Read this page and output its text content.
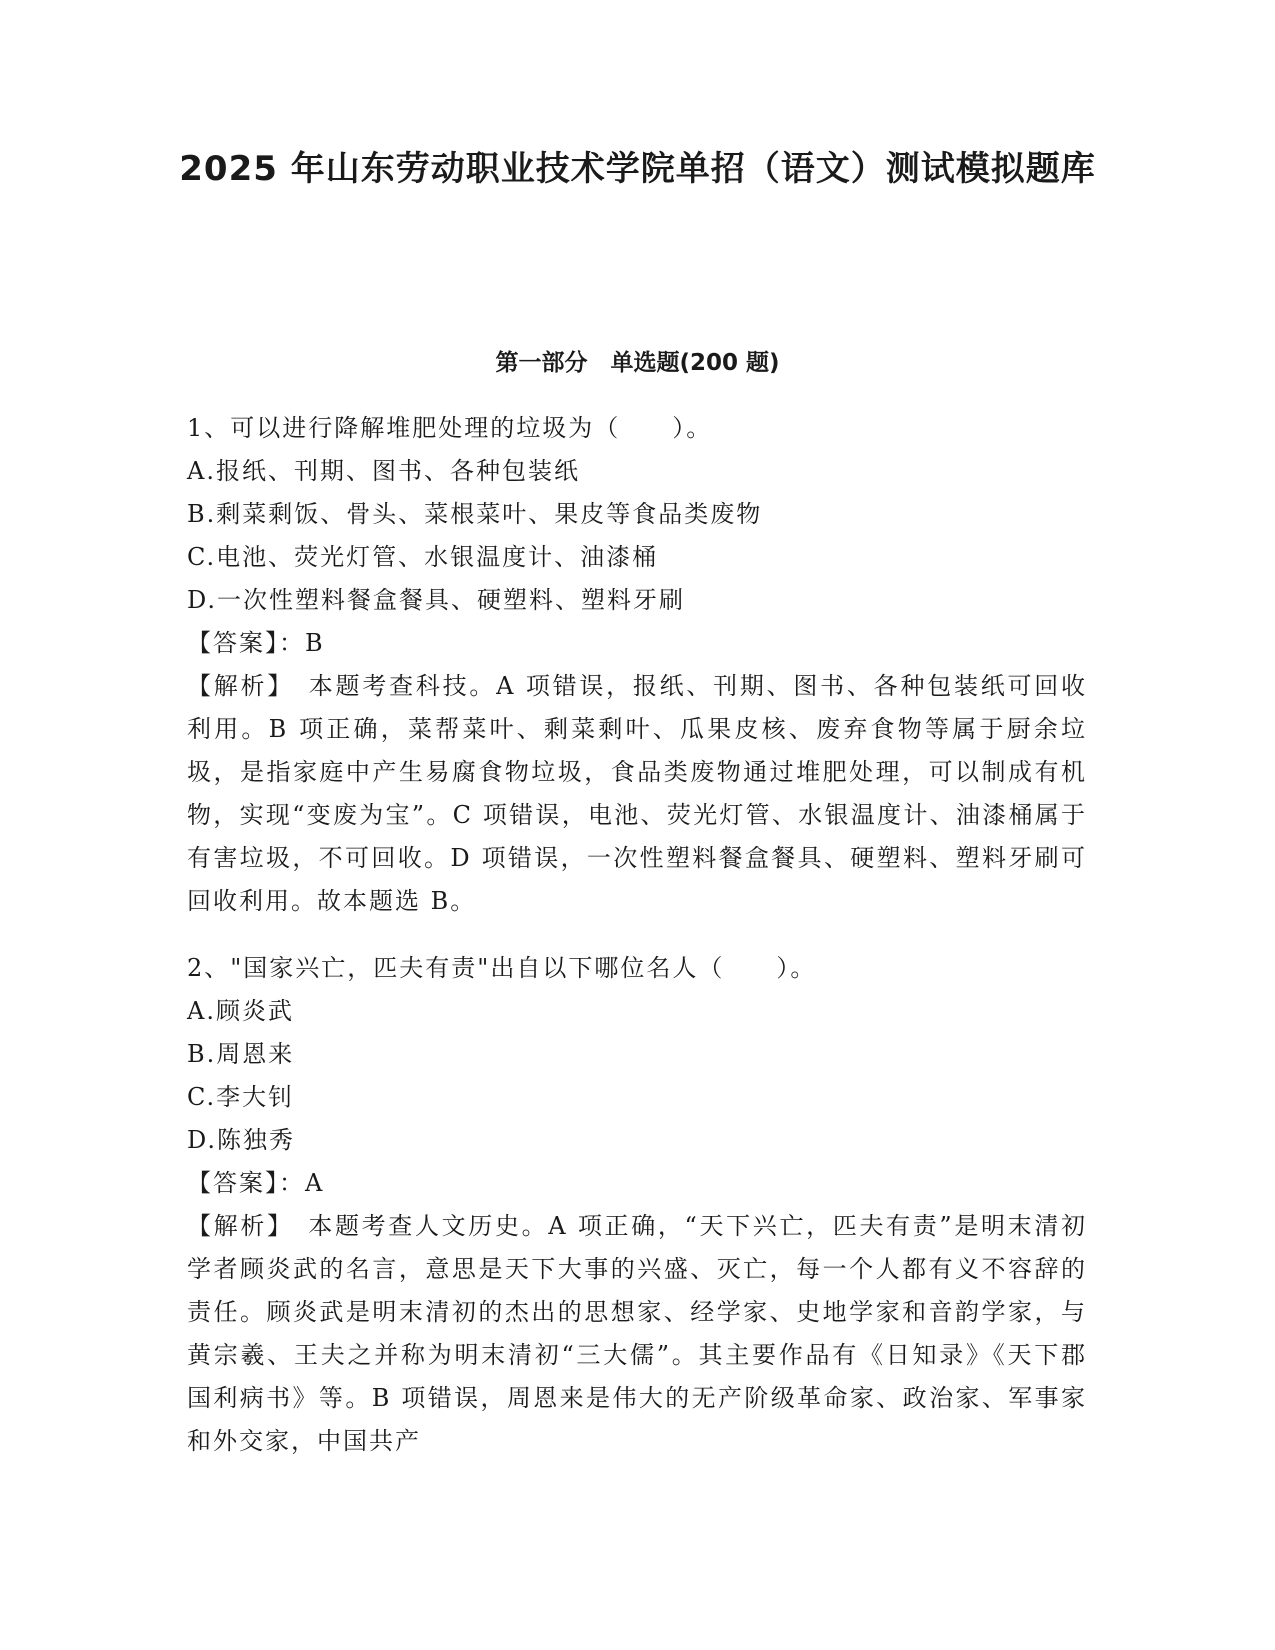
2025 年山东劳动职业技术学院单招（语文）测试模拟题库
第一部分　单选题(200 题)
1、可以进行降解堆肥处理的垃圾为（　　）。
A.报纸、刊期、图书、各种包装纸
B.剩菜剩饭、骨头、菜根菜叶、果皮等食品类废物
C.电池、荧光灯管、水银温度计、油漆桶
D.一次性塑料餐盒餐具、硬塑料、塑料牙刷
【答案】：B
【解析】　本题考查科技。A 项错误，报纸、刊期、图书、各种包装纸可回收利用。B 项正确，菜帮菜叶、剩菜剩叶、瓜果皮核、废弃食物等属于厨余垃圾，是指家庭中产生易腐食物垃圾，食品类废物通过堆肥处理，可以制成有机物，实现“变废为宝”。C 项错误，电池、荧光灯管、水银温度计、油漆桶属于有害垃圾，不可回收。D 项错误，一次性塑料餐盒餐具、硬塑料、塑料牙刷可回收利用。故本题选 B。
2、"国家兴亡，匹夫有责"出自以下哪位名人（　　）。
A.顾炎武
B.周恩来
C.李大钊
D.陈独秀
【答案】：A
【解析】　本题考查人文历史。A 项正确，“天下兴亡，匹夫有责”是明末清初学者顾炎武的名言，意思是天下大事的兴盛、灭亡，每一个人都有义不容辞的责任。顾炎武是明末清初的杰出的思想家、经学家、史地学家和音韵学家，与黄宗羲、王夫之并称为明末清初“三大儒”。其主要作品有《日知录》《天下郡国利病书》等。B 项错误，周恩来是伟大的无产阶级革命家、政治家、军事家和外交家，中国共产
